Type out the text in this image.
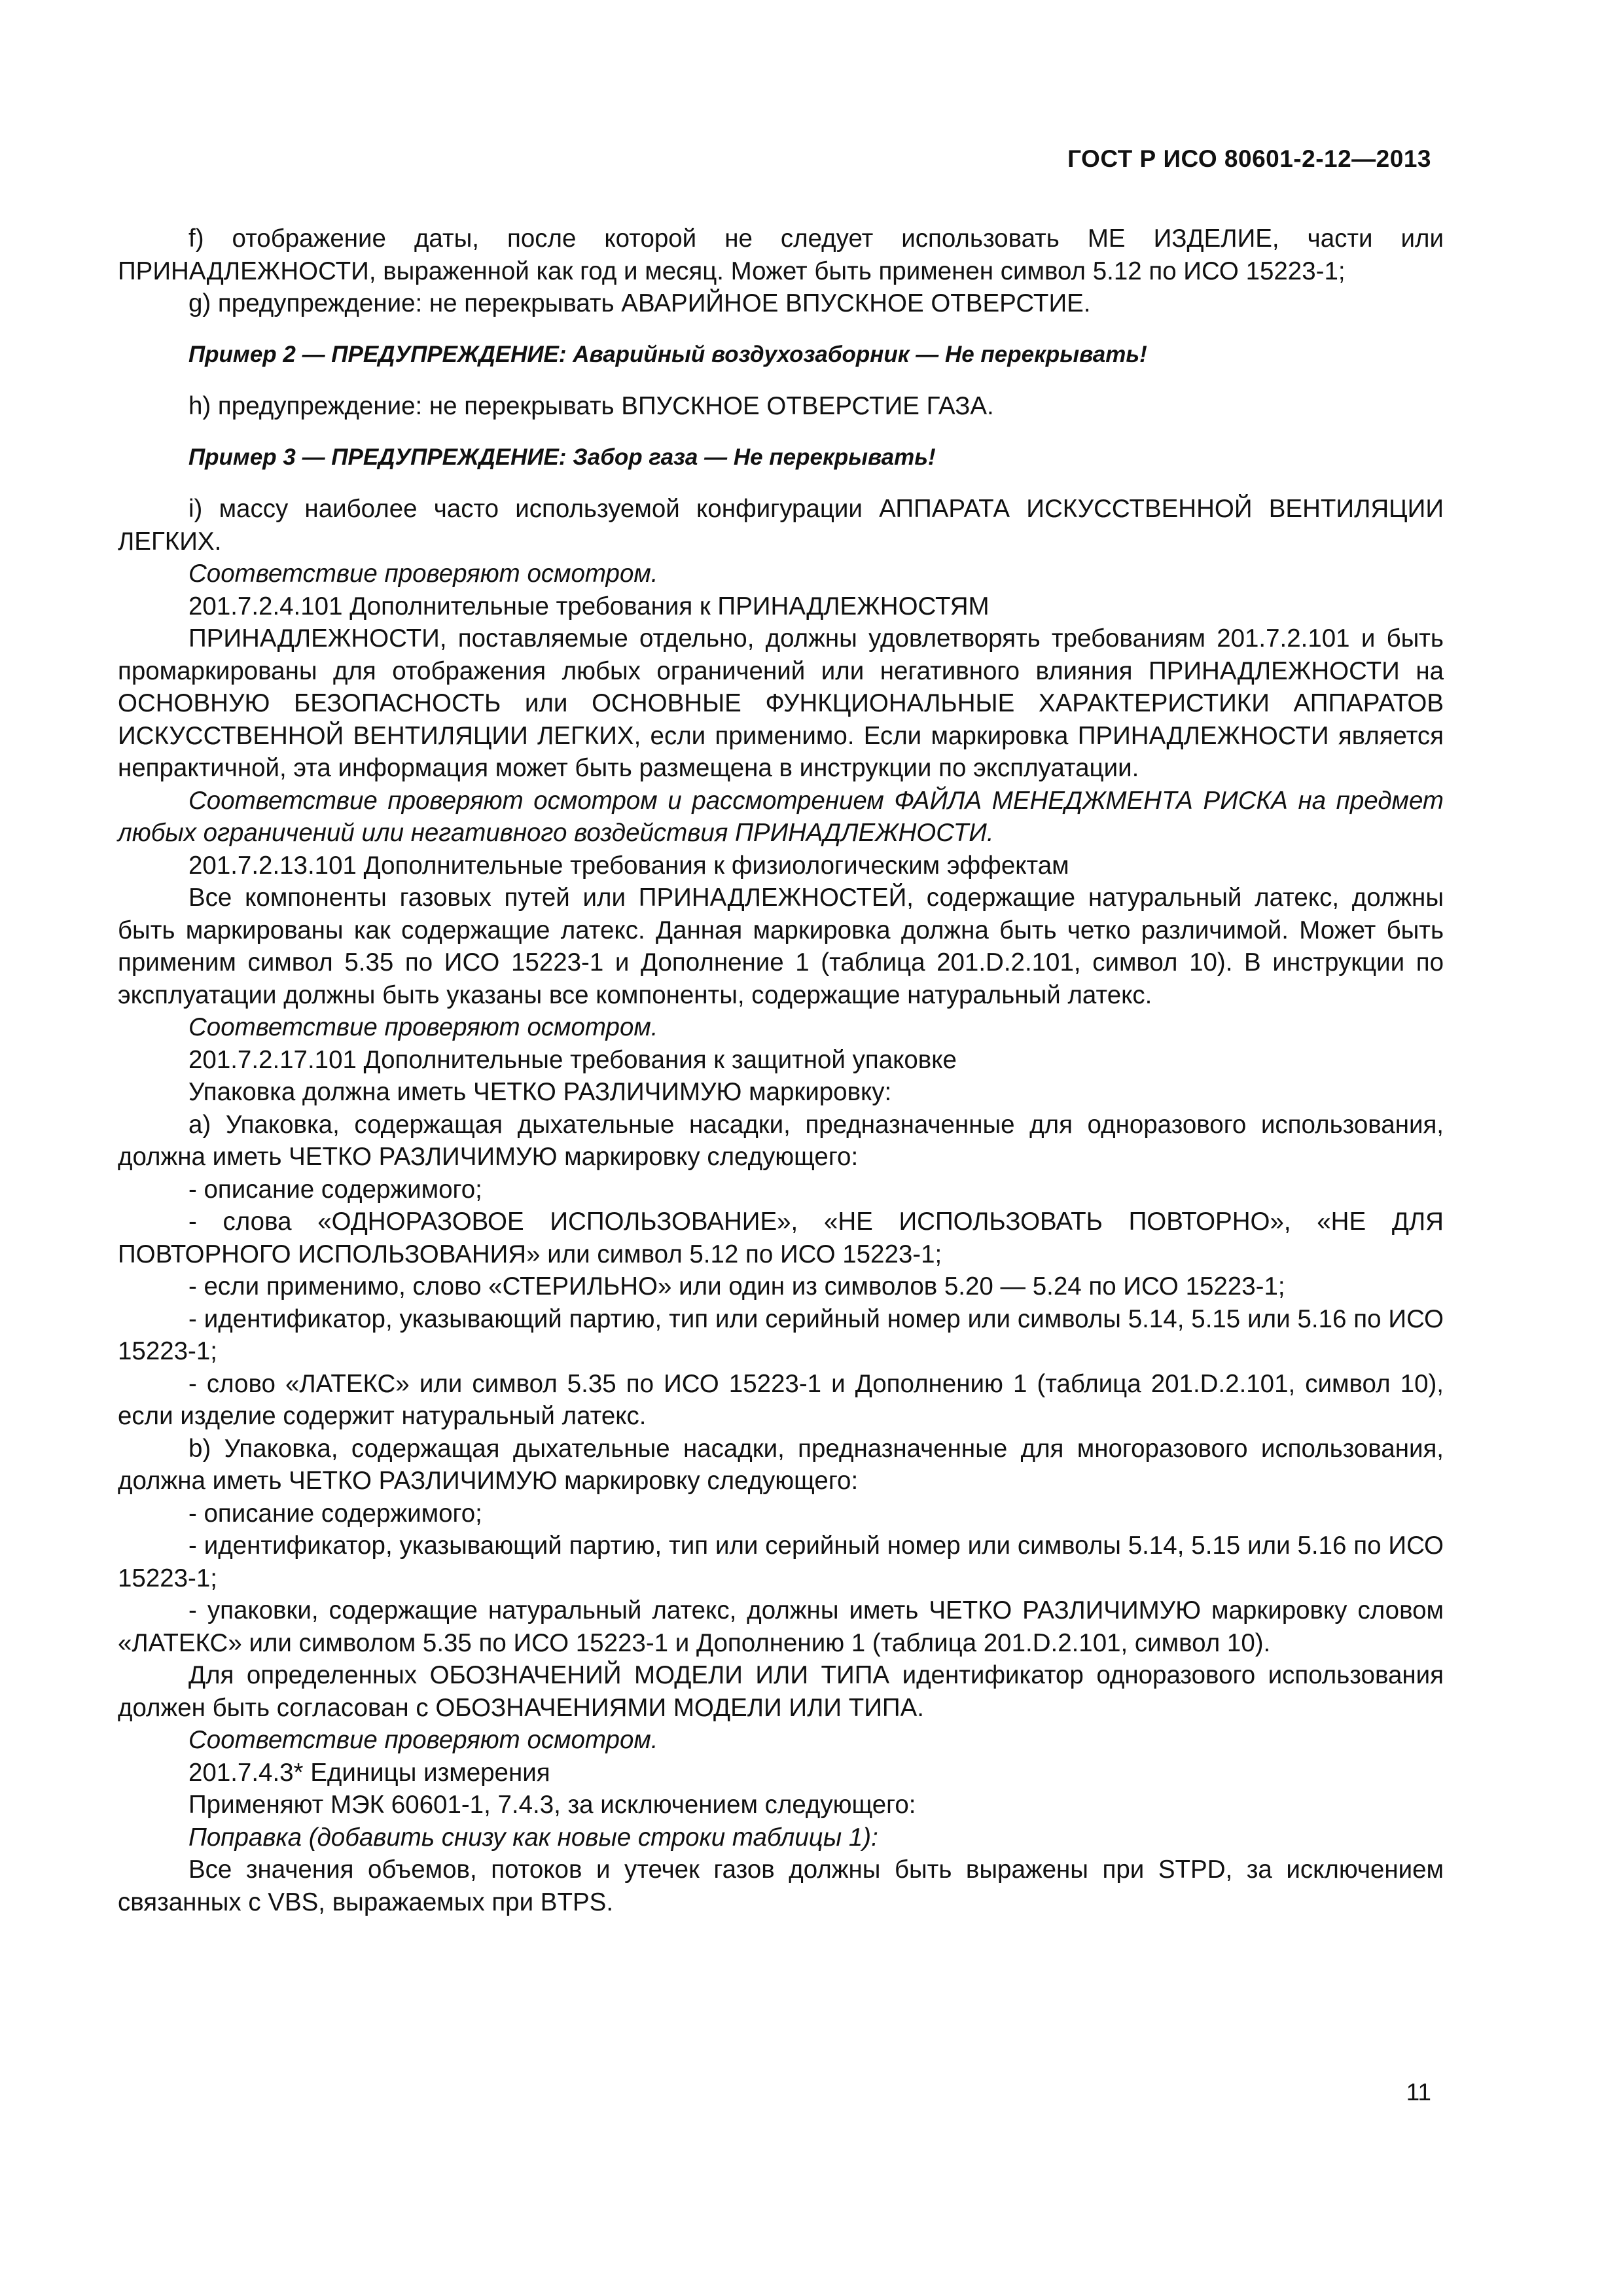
ГОСТ Р ИСО 80601-2-12—2013

f) отображение даты, после которой не следует использовать МЕ ИЗДЕЛИЕ, части или ПРИНАДЛЕЖНОСТИ, выраженной как год и месяц. Может быть применен символ 5.12 по ИСО 15223-1;

g) предупреждение: не перекрывать АВАРИЙНОЕ ВПУСКНОЕ ОТВЕРСТИЕ.

Пример 2 — ПРЕДУПРЕЖДЕНИЕ: Аварийный воздухозаборник — Не перекрывать!

h) предупреждение: не перекрывать ВПУСКНОЕ ОТВЕРСТИЕ ГАЗА.

Пример 3 — ПРЕДУПРЕЖДЕНИЕ: Забор газа — Не перекрывать!

i) массу наиболее часто используемой конфигурации АППАРАТА ИСКУССТВЕННОЙ ВЕНТИЛЯЦИИ ЛЕГКИХ.

Соответствие проверяют осмотром.

201.7.2.4.101 Дополнительные требования к ПРИНАДЛЕЖНОСТЯМ

ПРИНАДЛЕЖНОСТИ, поставляемые отдельно, должны удовлетворять требованиям 201.7.2.101 и быть промаркированы для отображения любых ограничений или негативного влияния ПРИНАДЛЕЖНОСТИ на ОСНОВНУЮ БЕЗОПАСНОСТЬ или ОСНОВНЫЕ ФУНКЦИОНАЛЬНЫЕ ХАРАКТЕРИСТИКИ АППАРАТОВ ИСКУССТВЕННОЙ ВЕНТИЛЯЦИИ ЛЕГКИХ, если применимо. Если маркировка ПРИНАДЛЕЖНОСТИ является непрактичной, эта информация может быть размещена в инструкции по эксплуатации.

Соответствие проверяют осмотром и рассмотрением ФАЙЛА МЕНЕДЖМЕНТА РИСКА на предмет любых ограничений или негативного воздействия ПРИНАДЛЕЖНОСТИ.

201.7.2.13.101 Дополнительные требования к физиологическим эффектам

Все компоненты газовых путей или ПРИНАДЛЕЖНОСТЕЙ, содержащие натуральный латекс, должны быть маркированы как содержащие латекс. Данная маркировка должна быть четко различимой. Может быть применим символ 5.35 по ИСО 15223-1 и Дополнение 1 (таблица 201.D.2.101, символ 10). В инструкции по эксплуатации должны быть указаны все компоненты, содержащие натуральный латекс.

Соответствие проверяют осмотром.

201.7.2.17.101 Дополнительные требования к защитной упаковке

Упаковка должна иметь ЧЕТКО РАЗЛИЧИМУЮ маркировку:

a) Упаковка, содержащая дыхательные насадки, предназначенные для одноразового использования, должна иметь ЧЕТКО РАЗЛИЧИМУЮ маркировку следующего:

- описание содержимого;

- слова «ОДНОРАЗОВОЕ ИСПОЛЬЗОВАНИЕ», «НЕ ИСПОЛЬЗОВАТЬ ПОВТОРНО», «НЕ ДЛЯ ПОВТОРНОГО ИСПОЛЬЗОВАНИЯ» или символ 5.12 по ИСО 15223-1;

- если применимо, слово «СТЕРИЛЬНО» или один из символов 5.20 — 5.24 по ИСО 15223-1;

- идентификатор, указывающий партию, тип или серийный номер или символы 5.14, 5.15 или 5.16 по ИСО 15223-1;

- слово «ЛАТЕКС» или символ 5.35 по ИСО 15223-1 и Дополнению 1 (таблица 201.D.2.101, символ 10), если изделие содержит натуральный латекс.

b) Упаковка, содержащая дыхательные насадки, предназначенные для многоразового использования, должна иметь ЧЕТКО РАЗЛИЧИМУЮ маркировку следующего:

- описание содержимого;

- идентификатор, указывающий партию, тип или серийный номер или символы 5.14, 5.15 или 5.16 по ИСО 15223-1;

- упаковки, содержащие натуральный латекс, должны иметь ЧЕТКО РАЗЛИЧИМУЮ маркировку словом «ЛАТЕКС» или символом 5.35 по ИСО 15223-1 и Дополнению 1 (таблица 201.D.2.101, символ 10).

Для определенных ОБОЗНАЧЕНИЙ МОДЕЛИ ИЛИ ТИПА идентификатор одноразового использования должен быть согласован с ОБОЗНАЧЕНИЯМИ МОДЕЛИ ИЛИ ТИПА.

Соответствие проверяют осмотром.

201.7.4.3* Единицы измерения

Применяют МЭК 60601-1, 7.4.3, за исключением следующего:

Поправка (добавить снизу как новые строки таблицы 1):

Все значения объемов, потоков и утечек газов должны быть выражены при STPD, за исключением связанных с VBS, выражаемых при BTPS.

11
